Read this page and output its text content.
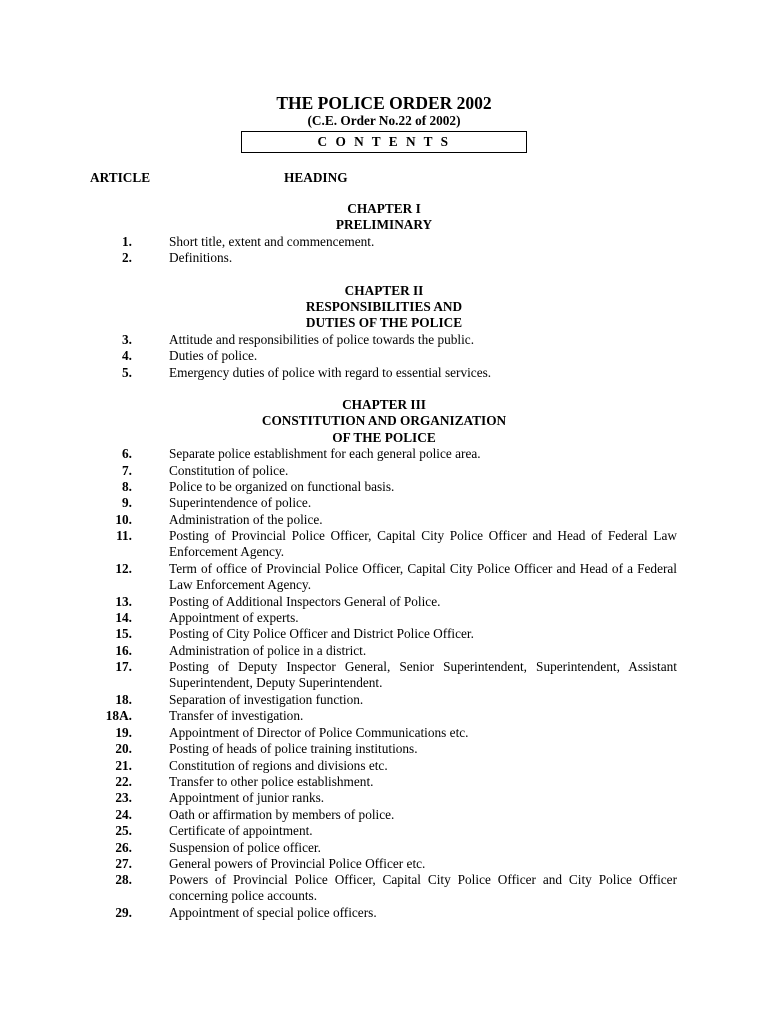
THE POLICE ORDER 2002
(C.E. Order No.22 of 2002)
C O N T E N T S
ARTICLE	HEADING
CHAPTER I
PRELIMINARY
CHAPTER II
RESPONSIBILITIES AND
DUTIES OF THE POLICE
CHAPTER III
CONSTITUTION AND ORGANIZATION
OF THE POLICE
1.	Short title, extent and commencement.
2.	Definitions.
3.	Attitude and responsibilities of police towards the public.
4.	Duties of police.
5.	Emergency duties of police with regard to essential services.
6.	Separate police establishment for each general police area.
7.	Constitution of police.
8.	Police to be organized on functional basis.
9.	Superintendence of police.
10.	Administration of the police.
11.	Posting of Provincial Police Officer, Capital City Police Officer and Head of Federal Law Enforcement Agency.
12.	Term of office of Provincial Police Officer, Capital City Police Officer and Head of a Federal Law Enforcement Agency.
13.	Posting of Additional Inspectors General of Police.
14.	Appointment of experts.
15.	Posting of City Police Officer and District Police Officer.
16.	Administration of police in a district.
17.	Posting of Deputy Inspector General, Senior Superintendent, Superintendent, Assistant Superintendent, Deputy Superintendent.
18.	Separation of investigation function.
18A.	Transfer of investigation.
19.	Appointment of Director of Police Communications etc.
20.	Posting of heads of police training institutions.
21.	Constitution of regions and divisions etc.
22.	Transfer to other police establishment.
23.	Appointment of junior ranks.
24.	Oath or affirmation by members of police.
25.	Certificate of appointment.
26.	Suspension of police officer.
27.	General powers of Provincial Police Officer etc.
28.	Powers of Provincial Police Officer, Capital City Police Officer and City Police Officer concerning police accounts.
29.	Appointment of special police officers.
